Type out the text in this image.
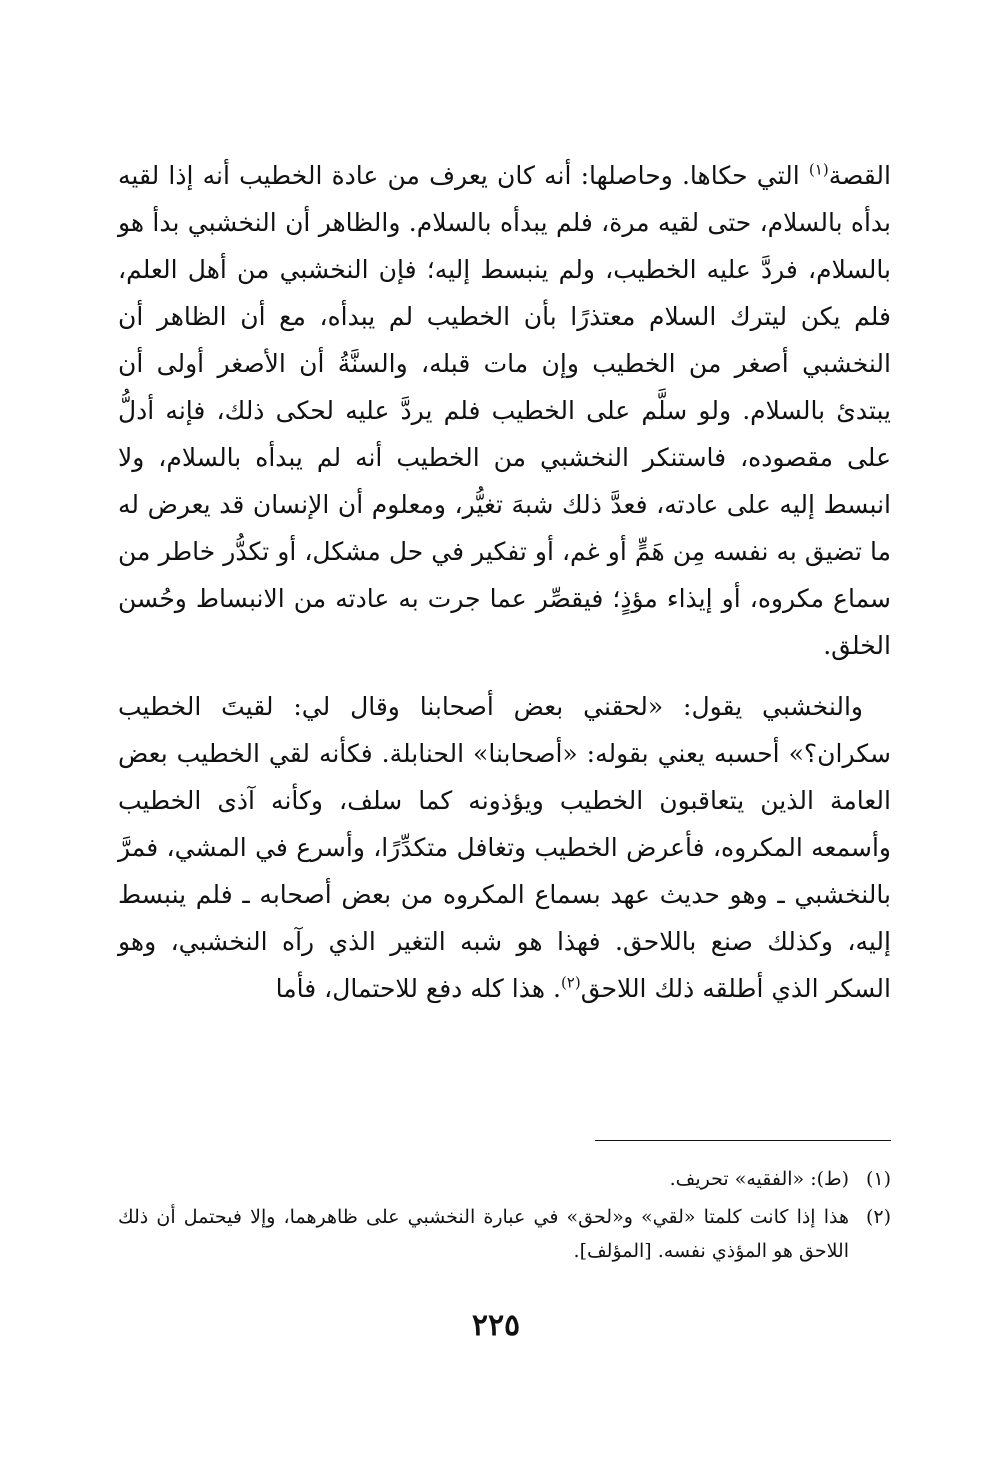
القصة$^{(١)}$ التي حكاها. وحاصلها: أنه كان يعرف من عادة الخطيب أنه إذا لقيه بدأه بالسلام، حتى لقيه مرة، فلم يبدأه بالسلام. والظاهر أن النخشبي بدأ هو بالسلام، فردَّ عليه الخطيب، ولم ينبسط إليه؛ فإن النخشبي من أهل العلم، فلم يكن ليترك السلام معتذرًا بأن الخطيب لم يبدأه، مع أن الظاهر أن النخشبي أصغر من الخطيب وإن مات قبله، والسنَّةُ أن الأصغر أولى أن يبتدئ بالسلام. ولو سلَّم على الخطيب فلم يردَّ عليه لحكى ذلك، فإنه أدلُّ على مقصوده، فاستنكر النخشبي من الخطيب أنه لم يبدأه بالسلام، ولا انبسط إليه على عادته، فعدَّ ذلك شبهَ تغيُّر، ومعلوم أن الإنسان قد يعرض له ما تضيق به نفسه مِن هَمٍّ أو غم، أو تفكير في حل مشكل، أو تكدُّر خاطر من سماع مكروه، أو إيذاء مؤذٍ؛ فيقصِّر عما جرت به عادته من الانبساط وحُسن الخلق.

والنخشبي يقول: «لحقني بعض أصحابنا وقال لي: لقيتَ الخطيب سكران؟» أحسبه يعني بقوله: «أصحابنا» الحنابلة. فكأنه لقي الخطيب بعض العامة الذين يتعاقبون الخطيب ويؤذونه كما سلف، وكأنه آذى الخطيب وأسمعه المكروه، فأعرض الخطيب وتغافل متكدِّرًا، وأسرع في المشي، فمرَّ بالنخشبي ـ وهو حديث عهد بسماع المكروه من بعض أصحابه ـ فلم ينبسط إليه، وكذلك صنع باللاحق. فهذا هو شبه التغير الذي رآه النخشبي، وهو السكر الذي أطلقه ذلك اللاحق$^{(٢)}$. هذا كله دفع للاحتمال، فأما

(١)
(ط): «الفقيه» تحريف.
(٢)
هذا إذا كانت كلمتا «لقي» و«لحق» في عبارة النخشبي على ظاهرهما، وإلا فيحتمل أن ذلك اللاحق هو المؤذي نفسه. [المؤلف].
٢٢٥
